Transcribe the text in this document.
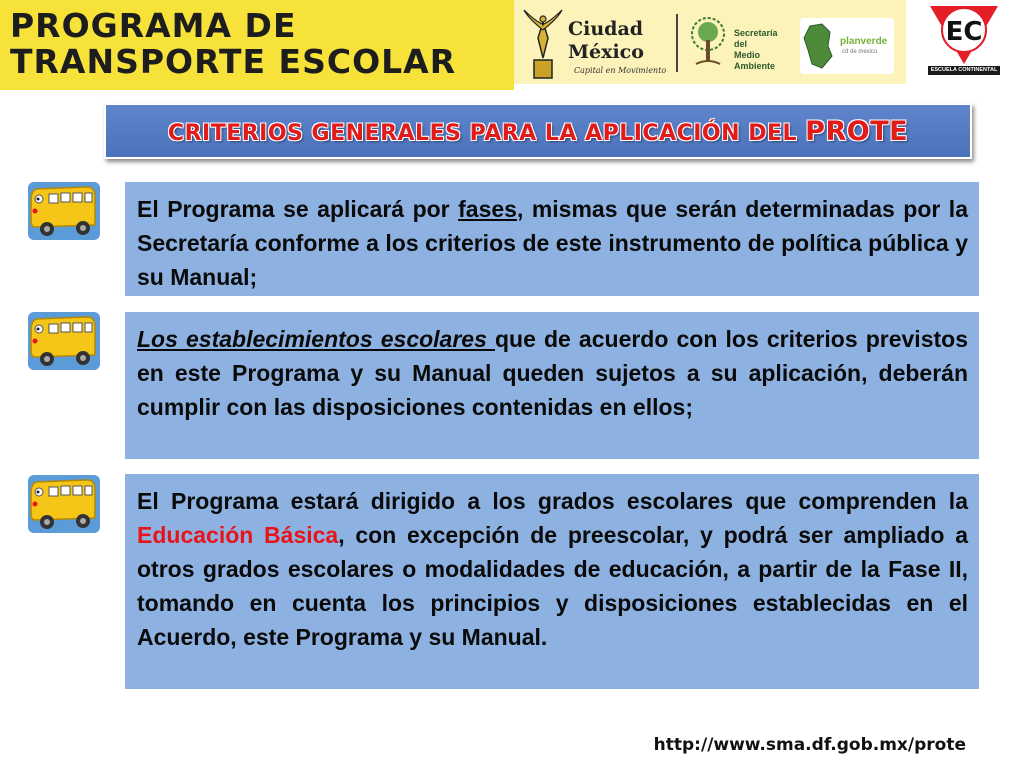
PROGRAMA DE
TRANSPORTE ESCOLAR
Ciudad
México
Capital en Movimiento
Secretaría del
Medio Ambiente
planverde
cd de mexico
EC
ESCUELA CONTINENTAL
CRITERIOS GENERALES PARA LA APLICACIÓN DEL PROTE
El Programa se aplicará por fases, mismas que serán determinadas por la Secretaría conforme a los criterios de este instrumento de política pública y su Manual;
Los establecimientos escolares que de acuerdo con los criterios previstos en este Programa y su Manual queden sujetos a su aplicación, deberán cumplir con las disposiciones contenidas en ellos;
El Programa estará dirigido a los grados escolares que comprenden la Educación Básica, con excepción de preescolar, y podrá ser ampliado a otros grados escolares o modalidades de educación, a partir de la Fase II, tomando en cuenta los principios y disposiciones establecidas en el Acuerdo, este Programa y su Manual.
http://www.sma.df.gob.mx/prote
